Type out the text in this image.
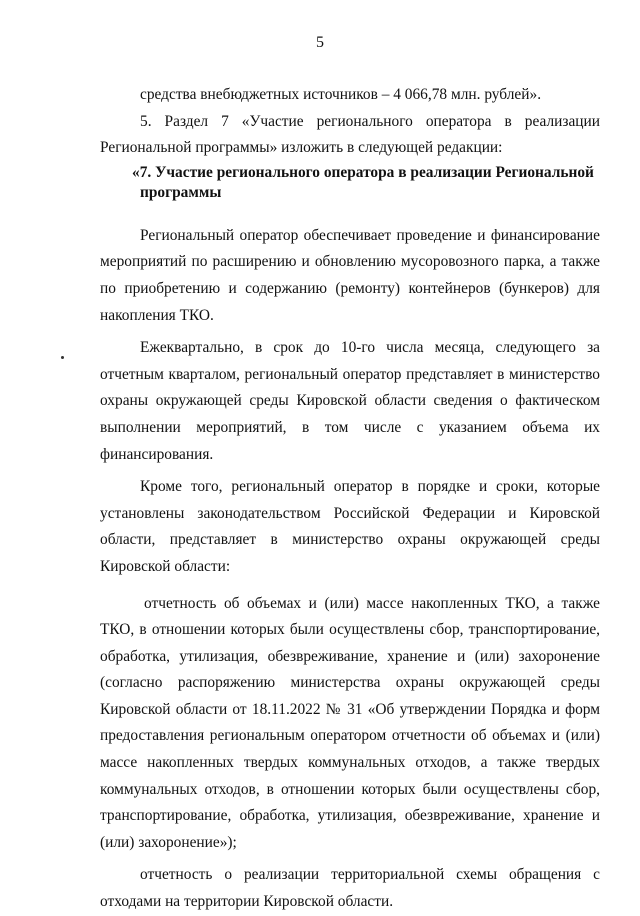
5

средства внебюджетных источников – 4 066,78 млн. рублей».

5. Раздел 7 «Участие регионального оператора в реализации Региональной программы» изложить в следующей редакции:

«7. Участие регионального оператора в реализации Региональной программы

Региональный оператор обеспечивает проведение и финансирование мероприятий по расширению и обновлению мусоровозного парка, а также по приобретению и содержанию (ремонту) контейнеров (бункеров) для накопления ТКО.

Ежеквартально, в срок до 10-го числа месяца, следующего за отчетным кварталом, региональный оператор представляет в министерство охраны окружающей среды Кировской области сведения о фактическом выполнении мероприятий, в том числе с указанием объема их финансирования.

Кроме того, региональный оператор в порядке и сроки, которые установлены законодательством Российской Федерации и Кировской области, представляет в министерство охраны окружающей среды Кировской области:

отчетность об объемах и (или) массе накопленных ТКО, а также ТКО, в отношении которых были осуществлены сбор, транспортирование, обработка, утилизация, обезвреживание, хранение и (или) захоронение (согласно распоряжению министерства охраны окружающей среды Кировской области от 18.11.2022 № 31 «Об утверждении Порядка и форм предоставления региональным оператором отчетности об объемах и (или) массе накопленных твердых коммунальных отходов, а также твердых коммунальных отходов, в отношении которых были осуществлены сбор, транспортирование, обработка, утилизация, обезвреживание, хранение и (или) захоронение»);

отчетность о реализации территориальной схемы обращения с отходами на территории Кировской области.
